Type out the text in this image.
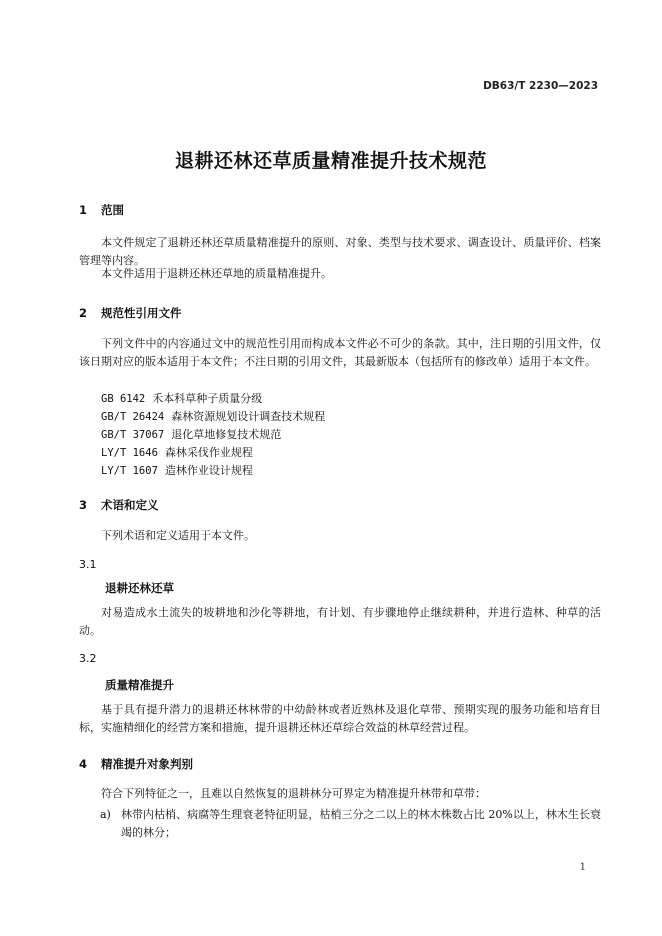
DB63/T 2230—2023
退耕还林还草质量精准提升技术规范
1 范围
本文件规定了退耕还林还草质量精准提升的原则、对象、类型与技术要求、调查设计、质量评价、档案管理等内容。
本文件适用于退耕还林还草地的质量精准提升。
2 规范性引用文件
下列文件中的内容通过文中的规范性引用而构成本文件必不可少的条款。其中，注日期的引用文件，仅该日期对应的版本适用于本文件；不注日期的引用文件，其最新版本（包括所有的修改单）适用于本文件。
GB 6142 禾本科草种子质量分级
GB/T 26424 森林资源规划设计调查技术规程
GB/T 37067 退化草地修复技术规范
LY/T 1646 森林采伐作业规程
LY/T 1607 造林作业设计规程
3 术语和定义
下列术语和定义适用于本文件。
3.1
退耕还林还草
对易造成水土流失的坡耕地和沙化等耕地，有计划、有步骤地停止继续耕种，并进行造林、种草的活动。
3.2
质量精准提升
基于具有提升潜力的退耕还林林带的中幼龄林或者近熟林及退化草带、预期实现的服务功能和培育目标，实施精细化的经营方案和措施，提升退耕还林还草综合效益的林草经营过程。
4 精准提升对象判别
符合下列特征之一，且难以自然恢复的退耕林分可界定为精准提升林带和草带：
a) 林带内枯梢、病腐等生理衰老特征明显，枯梢三分之二以上的林木株数占比 20%以上，林木生长衰竭的林分；
1
